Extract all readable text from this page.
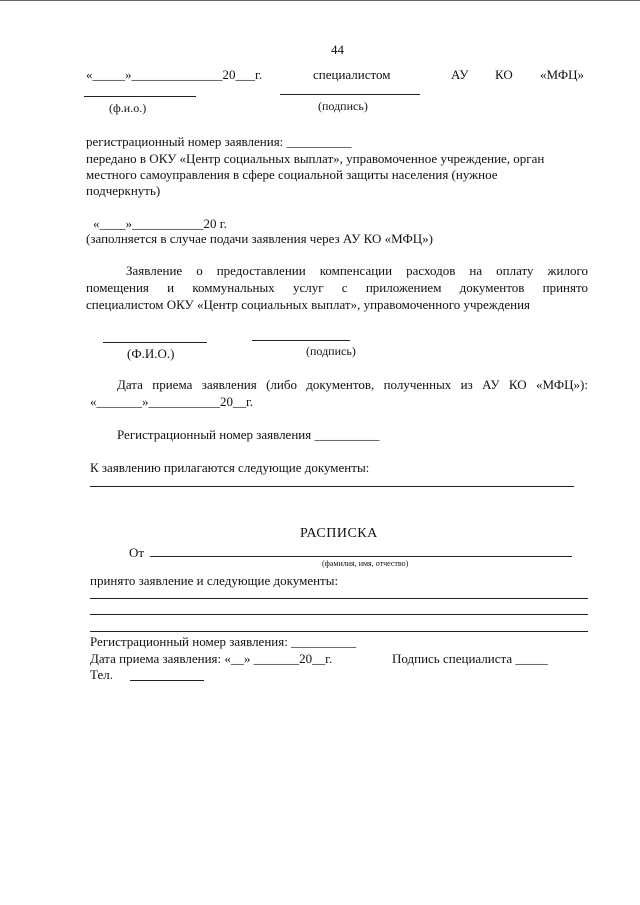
44
«_____»______________20___г.	специалистом	АУ КО «МФЦ»
(ф.и.о.)	(подпись)
регистрационный номер заявления: __________
передано в ОКУ «Центр социальных выплат», управомоченное учреждение, орган
местного самоуправления в сфере социальной защиты населения (нужное
подчеркнуть)
«____»___________20 г.
(заполняется в случае подачи заявления через АУ КО «МФЦ»)
Заявление о предоставлении компенсации расходов на оплату жилого
помещения и коммунальных услуг с приложением документов принято
специалистом ОКУ «Центр социальных выплат», управомоченного учреждения
(Ф.И.О.)	(подпись)
Дата приема заявления (либо документов, полученных из АУ КО «МФЦ»):
«_______»___________20__г.
Регистрационный номер заявления __________
К заявлению прилагаются следующие документы:
РАСПИСКА
От
(фамилия, имя, отчество)
принято заявление и следующие документы:
Регистрационный номер заявления: __________
Дата приема заявления: «__» _______20__г.	Подпись специалиста _____
Тел.
